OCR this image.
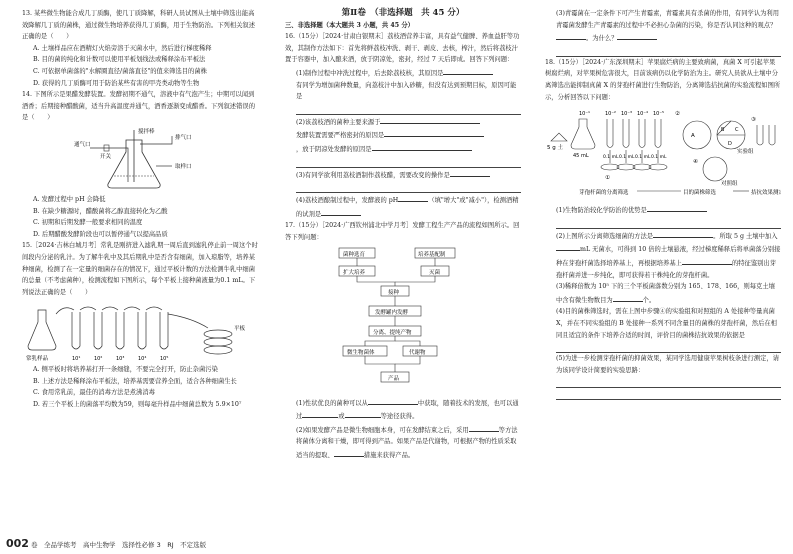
13. 某些微生物能合成几丁质酶，使几丁质降解，科研人员试图从土壤中筛选出能高效降解几丁质的菌株，通过微生物培养获得几丁质酶，用于生物防治。下列相关叙述正确的是（　　）

A. 土壤样品应在酒精灯火焰旁溶于灭菌水中，然后进行梯度稀释

B. 目的菌的纯化和计数可以使用平板划线法或稀释涂布平板法

C. 可依据单菌落的"水解圈直径/菌落直径"的值来筛选目的菌株

D. 获得的几丁质酶可用于防治某些有害的甲壳类动物等生物

14. 下图所示是果醋发酵装置。发酵初期不通气，溶液中有气泡产生；中期可以闻到酒香；后期接种醋酸菌，适当升高温度并通气，酒香逐渐变成醋香。下列叙述错误的是（　　）

通气口
开关
排气口
取样口
搅拌棒

A. 发酵过程中 pH 会降低

B. 在缺少糖源时，醋酸菌将乙醇直接转化为乙酸

C. 初期和后期发酵一般要求相同的温度

D. 后期醋酸发酵阶段也可以暂停通气以提高品质

15.［2024·吉林白城月考］常乳是刚挤进入滤乳期一周后直到滤乳停止前一周这个时间段内分泌的乳汁。为了解牛乳中及其后期乳中是否含有细菌，加入琼脂等，培养某种细菌，检测了在一定量的细菌存在的情况下，通过平板计数的方法检测牛乳中细菌的总量（不考虑菌种），检测流程如下图所示，每个平板上接种菌液量为0.1 mL。下列说法正确的是（　　）

常乳样品
平板
10¹	10²	10³	10⁴	10⁵

A. 侧平板时将培养基打开一条细缝，不要完全打开，防止杂菌污染

B. 上述方法是稀释涂布平板法，培养基需要营养全面，适合各种细菌生长

C. 食用常乳前，最佳的消毒方法是煮沸消毒

D. 若三个平板上的菌落平均数为59，则每毫升样品中细菌总数为 5.9×10⁷

第Ⅱ卷　（非选择题　共 45 分）

三、非选择题（本大题共 3 小题，共 45 分）

16.（15分）［2024·甘肃白银期末］荔枝酒营养丰富，具有益气健脾、养血益肝等功效，其制作方法如下：首先将鲜荔枝冲洗、剥干、剥皮、去核，榨汁，然后将荔枝汁置于容器中，加入酿来酒，放于阴凉处，密封，经过 7 天后即成。回答下列问题：

(1)制作过程中冲洗过程中，后去除荔枝核，其原因是

有同学为增加菌种数量，向荔枝汁中加入砂糖，但没有达到预期目标，原因可能是

(2)该荔枝酒的菌种主要来源于

发酵装置需要严格密封的原因是

，放于阴凉处发酵的原因是

(3)有同学欲利用荔枝酒制作荔枝醋，需要改变的操作是

(4)荔枝酒酿制过程中，发酵液的 pH	（填"增大"或"减小"），检测酒精的试剂是

17.（15分）［2024·广西钦州浦北中学月考］发酵工程生产产品的流程如图所示。回答下列问题：

菌种选育
扩大培养
培养基配制
灭菌
接种
发酵罐内发酵
分离、提纯产物
微生物菌体	代谢物
产品

(1)性状优良的菌种可以从	中获取，随着技术的发展，也可以通过	或	等途径获得。

(2)如果发酵产品是微生物细胞本身，可在发酵结束之后，采用	等方法将菌体分离和干燥，即可得到产品。如果产品是代谢物，可根据产物的性质采取适当的提取、	措施来获得产品。

(3)青霉菌在一定条件下可产生青霉素，青霉素具有杀菌的作用，有同学认为利用青霉菌发酵生产青霉素的过程中不必担心杂菌的污染，你是否认同这种的观点？。为什么？

18.（15分）［2024·广东深圳期末］苹果腐烂病的主要致病菌，真菌 X 可引起苹果树腐烂病，对苹果树危害很大，目前该病仍以化学防治为主。研究人员欲从土壤中分离筛选出能抑制真菌 X 的芽孢杆菌进行生物防治，分离筛选拮抗菌的实验流程如图所示，分析回答以下问题：

5 g 土
45 mL
10⁻¹	10⁻² 10⁻³ 10⁻⁴ 10⁻⁵
0.1 mL 0.1 mL 0.1 mL 0.1 mL
①
②
③
④
A
B C
D
实验组
对照组
芽孢杆菌的分离筛选	目的菌株筛选	拮抗效果测定

(1)生物防治较化学防治的优势是

(2)上图所示分离筛选细菌的方法是	。所取 5 g 土壤中加入mL 无菌水，可得到 10 倍的土壤悬液，经过梯度稀释后将单菌落分别接种在芽孢杆菌选择培养基上，再根据培养基上	的特征鉴别出芽孢杆菌并进一步纯化，即可获得若干株纯化的芽孢杆菌。

(3)稀释倍数为 10⁵ 下的三个平板菌落数分别为 165、178、166，则每克土壤中含有微生物数目为	个。

(4)目的菌株筛选时，需在上图中步骤④的实验组和对照组的 A 处接种等量真菌 X，并在不同实验组的 B 处接种一系列不同含量目的菌株的芽孢杆菌，然后在相同且适宜的条件下培养合适的时间，评价目的菌株拮抗效果的依据是

(5)为进一步检测芽孢杆菌的抑菌效果，某同学选用健康苹果树枝条进行测定，请为该同学设计简要的实验思路：

002 卷　全品学练考　高中生物学　选择性必修 3　RJ　不定选版
